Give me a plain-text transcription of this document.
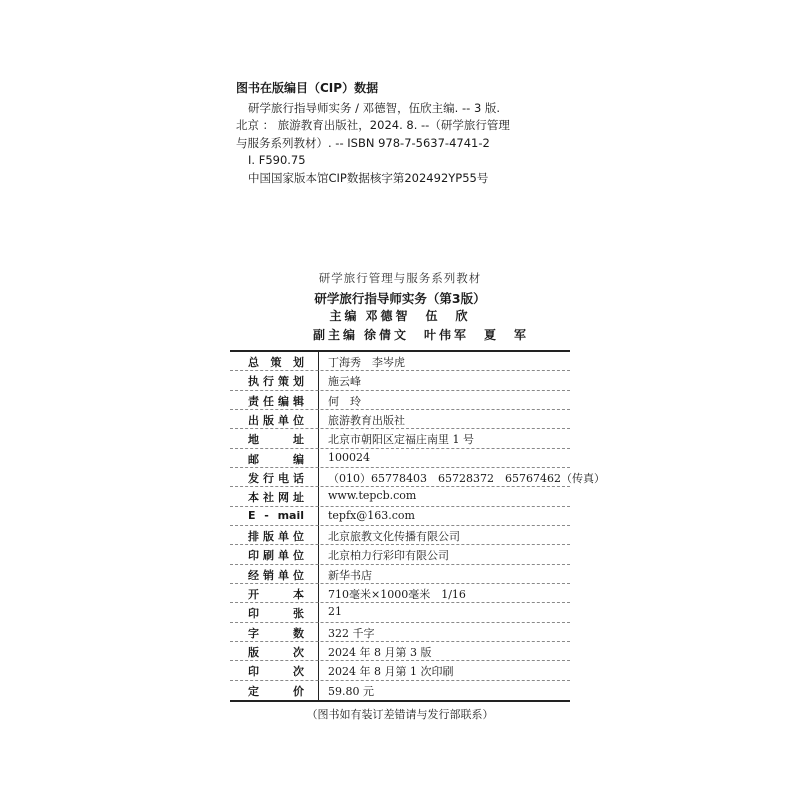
图书在版编目（CIP）数据
研学旅行指导师实务 / 邓德智，伍欣主编. -- 3 版.
北京 ： 旅游教育出版社，2024. 8. --（研学旅行管理
与服务系列教材）. -- ISBN 978-7-5637-4741-2
Ⅰ. F590.75
中国国家版本馆CIP数据核字第202492YP55号
研学旅行管理与服务系列教材
研学旅行指导师实务（第3版）
主编 邓德智　伍　欣
副主编 徐倩文　叶伟军　夏　军
总策划 丁海秀　李岑虎
执行策划 施云峰
责任编辑 何　玲
出版单位 旅游教育出版社
地址 北京市朝阳区定福庄南里 1 号
邮编 100024
发行电话 （010）65778403　65728372　65767462（传真）
本社网址 www.tepcb.com
E - mail tepfx@163.com
排版单位 北京旅教文化传播有限公司
印刷单位 北京柏力行彩印有限公司
经销单位 新华书店
开本 710毫米×1000毫米　1/16
印张 21
字数 322 千字
版次 2024 年 8 月第 3 版
印次 2024 年 8 月第 1 次印刷
定价 59.80 元
（图书如有装订差错请与发行部联系）
